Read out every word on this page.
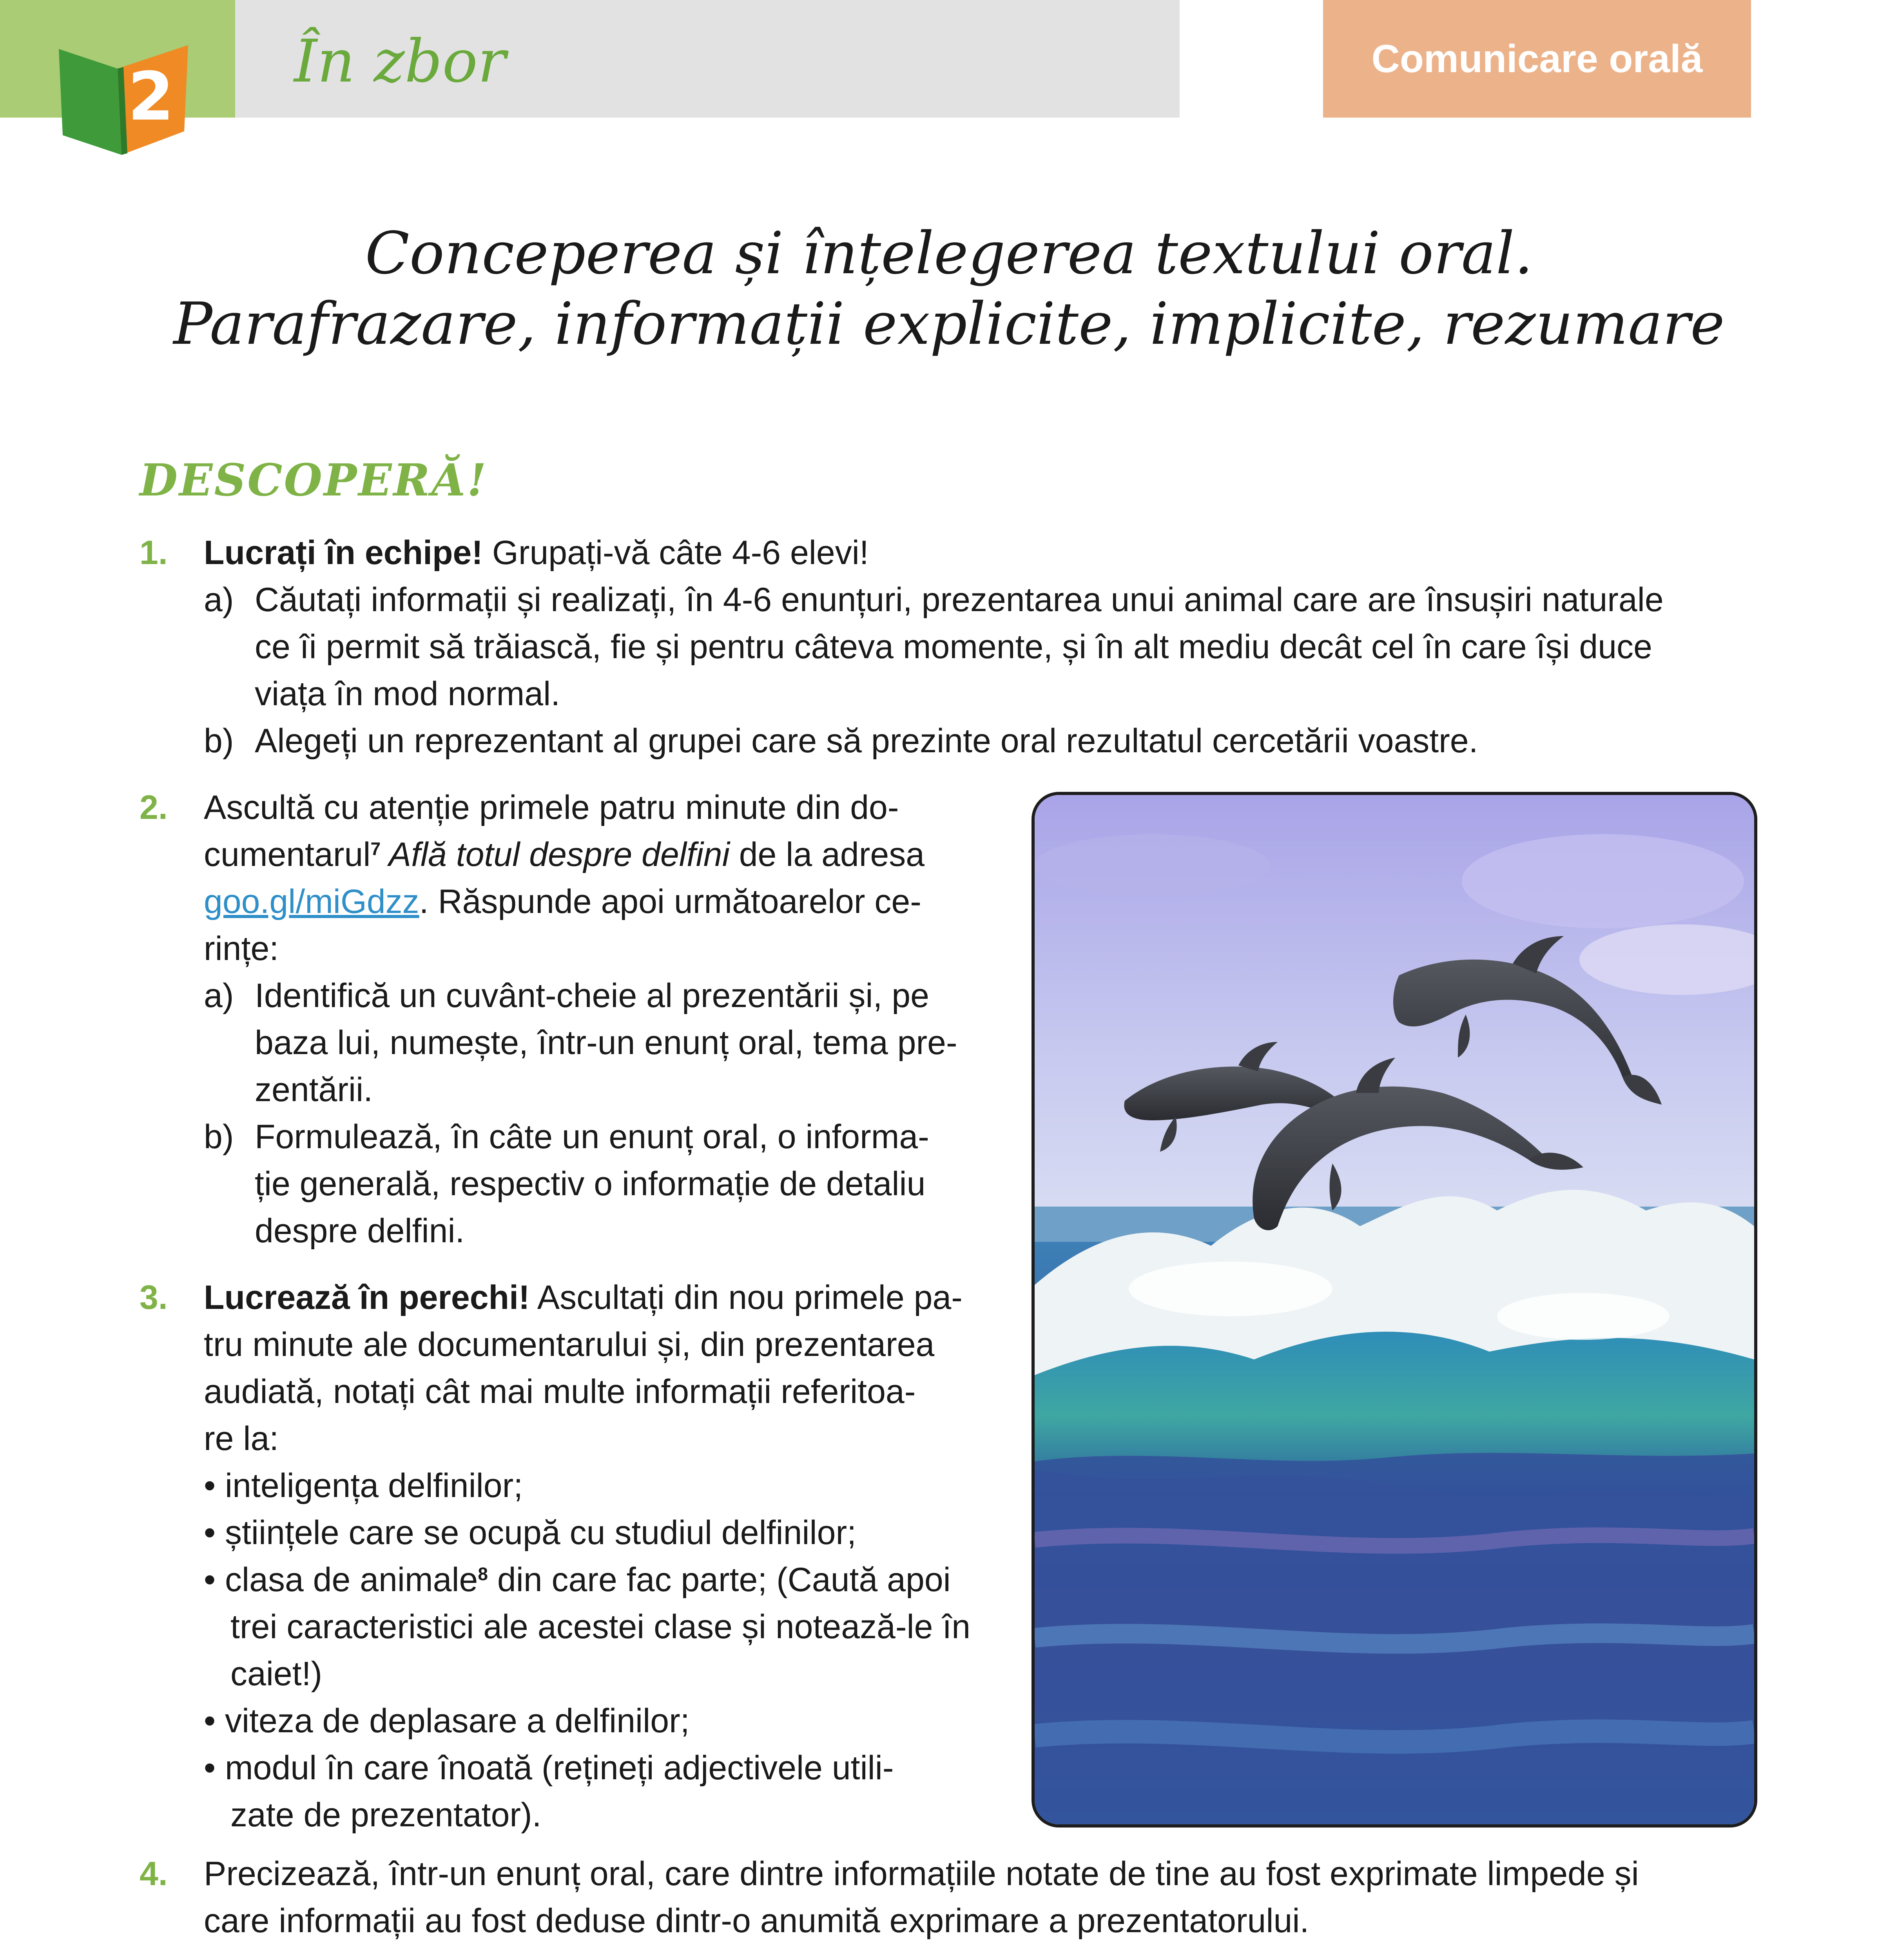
Comunicare orală
2 În zbor
Conceperea și înțelegerea textului oral.
Parafrazare, informații explicite, implicite, rezumare
DESCOPERĂ!
1. Lucrați în echipe! Grupați-vă câte 4-6 elevi!
a) Căutați informații și realizați, în 4-6 enunțuri, prezentarea unui animal care are însușiri naturale
ce îi permit să trăiască, fie și pentru câteva momente, și în alt mediu decât cel în care își duce
viața în mod normal.
b) Alegeți un reprezentant al grupei care să prezinte oral rezultatul cercetării voastre.
2. Ascultă cu atenție primele patru minute din do-
cumentarul$^7$ Află totul despre delfini de la adresa
goo.gl/miGdzz. Răspunde apoi următoarelor ce-
rințe:
a) Identifică un cuvânt-cheie al prezentării și, pe
baza lui, numește, într-un enunț oral, tema pre-
zentării.
b) Formulează, în câte un enunț oral, o informa-
ție generală, respectiv o informație de detaliu
despre delfini.
3. Lucrează în perechi! Ascultați din nou primele pa-
tru minute ale documentarului și, din prezentarea
audiată, notați cât mai multe informații referitoa-
re la:
• inteligența delfinilor;
• științele care se ocupă cu studiul delfinilor;
• clasa de animale$^8$ din care fac parte; (Caută apoi
trei caracteristici ale acestei clase și notează-le în
caiet!)
• viteza de deplasare a delfinilor;
• modul în care înoată (rețineți adjectivele utili-
zate de prezentator).
4. Precizează, într-un enunț oral, care dintre informațiile notate de tine au fost exprimate limpede și
care informații au fost deduse dintr-o anumită exprimare a prezentatorului.
